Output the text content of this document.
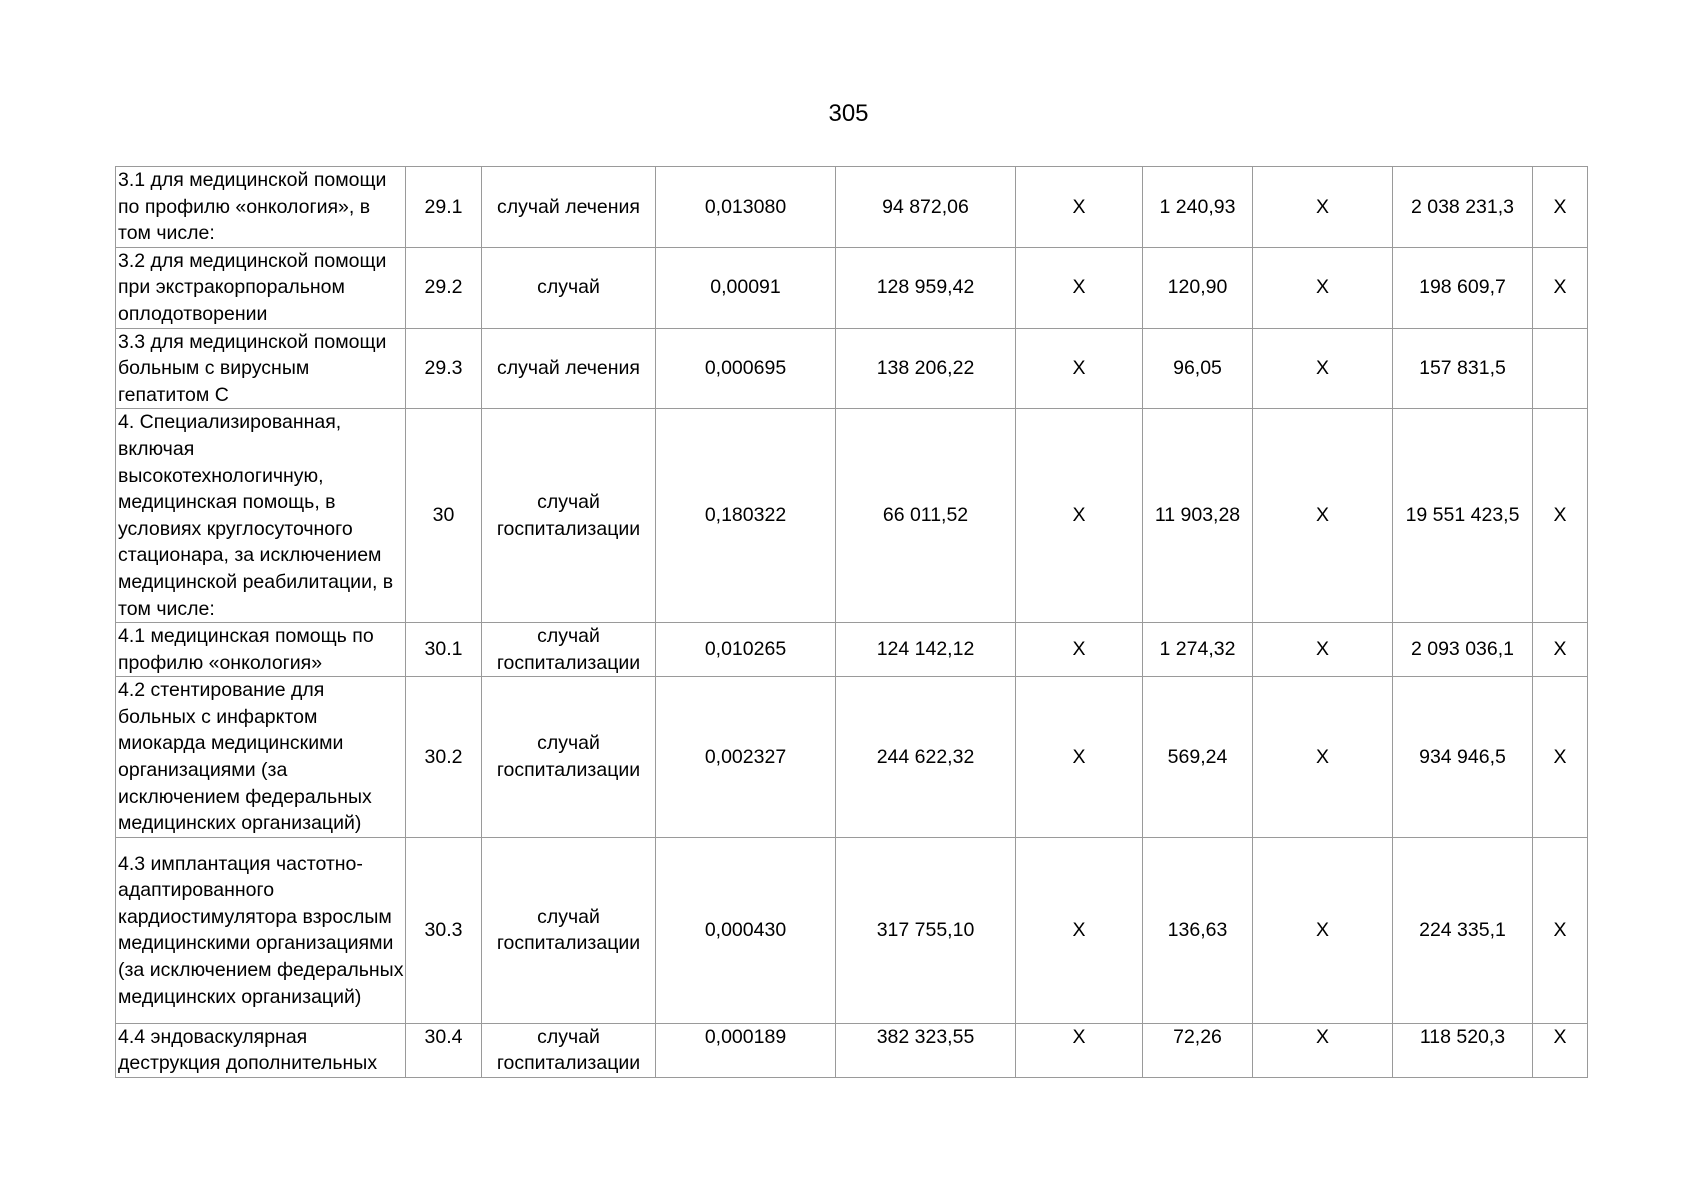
305
3.1 для медицинской помощи по профилю «онкология», в том числе:	29.1	случай лечения	0,013080	94 872,06	X	1 240,93	X	2 038 231,3	X
3.2 для медицинской помощи при экстракорпоральном оплодотворении	29.2	случай	0,00091	128 959,42	X	120,90	X	198 609,7	X
3.3 для медицинской помощи больным с вирусным гепатитом С	29.3	случай лечения	0,000695	138 206,22	X	96,05	X	157 831,5	
4. Специализированная, включая высокотехнологичную, медицинская помощь, в условиях круглосуточного стационара, за исключением медицинской реабилитации, в том числе:	30	случай госпитализации	0,180322	66 011,52	X	11 903,28	X	19 551 423,5	X
4.1 медицинская помощь по профилю «онкология»	30.1	случай госпитализации	0,010265	124 142,12	X	1 274,32	X	2 093 036,1	X
4.2 стентирование для больных с инфарктом миокарда медицинскими организациями (за исключением федеральных медицинских организаций)	30.2	случай госпитализации	0,002327	244 622,32	X	569,24	X	934 946,5	X
4.3 имплантация частотно-адаптированного кардиостимулятора взрослым медицинскими организациями (за исключением федеральных медицинских организаций)	30.3	случай госпитализации	0,000430	317 755,10	X	136,63	X	224 335,1	X
4.4 эндоваскулярная деструкция дополнительных	30.4	случай госпитализации	0,000189	382 323,55	X	72,26	X	118 520,3	X
